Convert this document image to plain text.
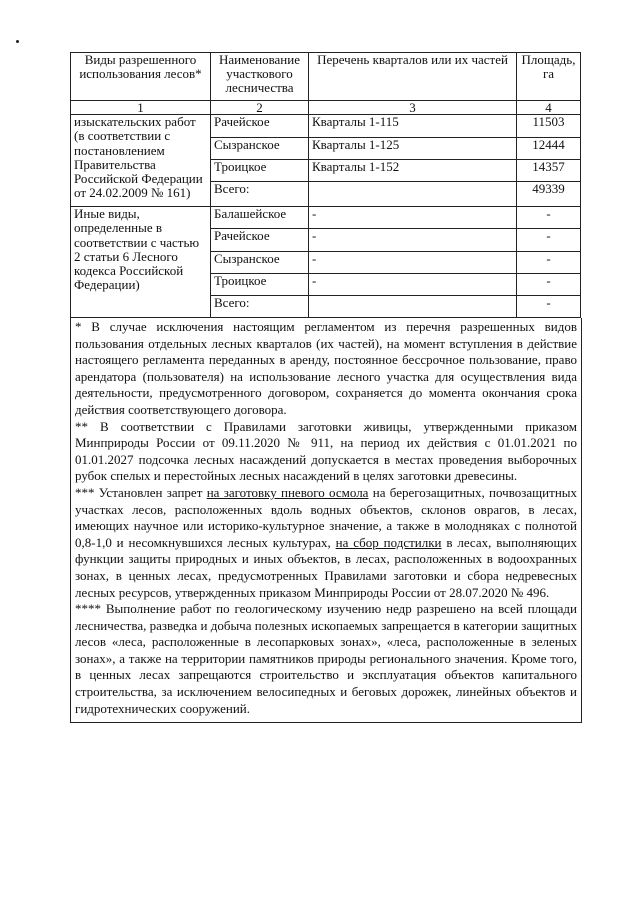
Виды разрешенного использования лесов*	Наименование участкового лесничества	Перечень кварталов или их частей	Площадь, га
1	2	3	4
изыскательских работ (в соответствии с постановлением Правительства Российской Федерации от 24.02.2009 № 161)	Рачейское	Кварталы 1-115	11503
	Сызранское	Кварталы 1-125	12444
	Троицкое	Кварталы 1-152	14357
	Всего:		49339
Иные виды, определенные в соответствии с частью 2 статьи 6 Лесного кодекса Российской Федерации)	Балашейское	-	-
	Рачейское	-	-
	Сызранское	-	-
	Троицкое	-	-
	Всего:		-

* В случае исключения настоящим регламентом из перечня разрешенных видов пользования отдельных лесных кварталов (их частей), на момент вступления в действие настоящего регламента переданных в аренду, постоянное бессрочное пользование, право арендатора (пользователя) на использование лесного участка для осуществления вида деятельности, предусмотренного договором, сохраняется до момента окончания срока действия соответствующего договора.

** В соответствии с Правилами заготовки живицы, утвержденными приказом Минприроды России от 09.11.2020 № 911, на период их действия с 01.01.2021 по 01.01.2027 подсочка лесных насаждений допускается в местах проведения выборочных рубок спелых и перестойных лесных насаждений в целях заготовки древесины.

*** Установлен запрет на заготовку пневого осмола на берегозащитных, почвозащитных участках лесов, расположенных вдоль водных объектов, склонов оврагов, в лесах, имеющих научное или историко-культурное значение, а также в молодняках с полнотой 0,8-1,0 и несомкнувшихся лесных культурах, на сбор подстилки в лесах, выполняющих функции защиты природных и иных объектов, в лесах, расположенных в водоохранных зонах, в ценных лесах, предусмотренных Правилами заготовки и сбора недревесных лесных ресурсов, утвержденных приказом Минприроды России от 28.07.2020 № 496.

**** Выполнение работ по геологическому изучению недр разрешено на всей площади лесничества, разведка и добыча полезных ископаемых запрещается в категории защитных лесов «леса, расположенные в лесопарковых зонах», «леса, расположенные в зеленых зонах», а также на территории памятников природы регионального значения. Кроме того, в ценных лесах запрещаются строительство и эксплуатация объектов капитального строительства, за исключением велосипедных и беговых дорожек, линейных объектов и гидротехнических сооружений.
